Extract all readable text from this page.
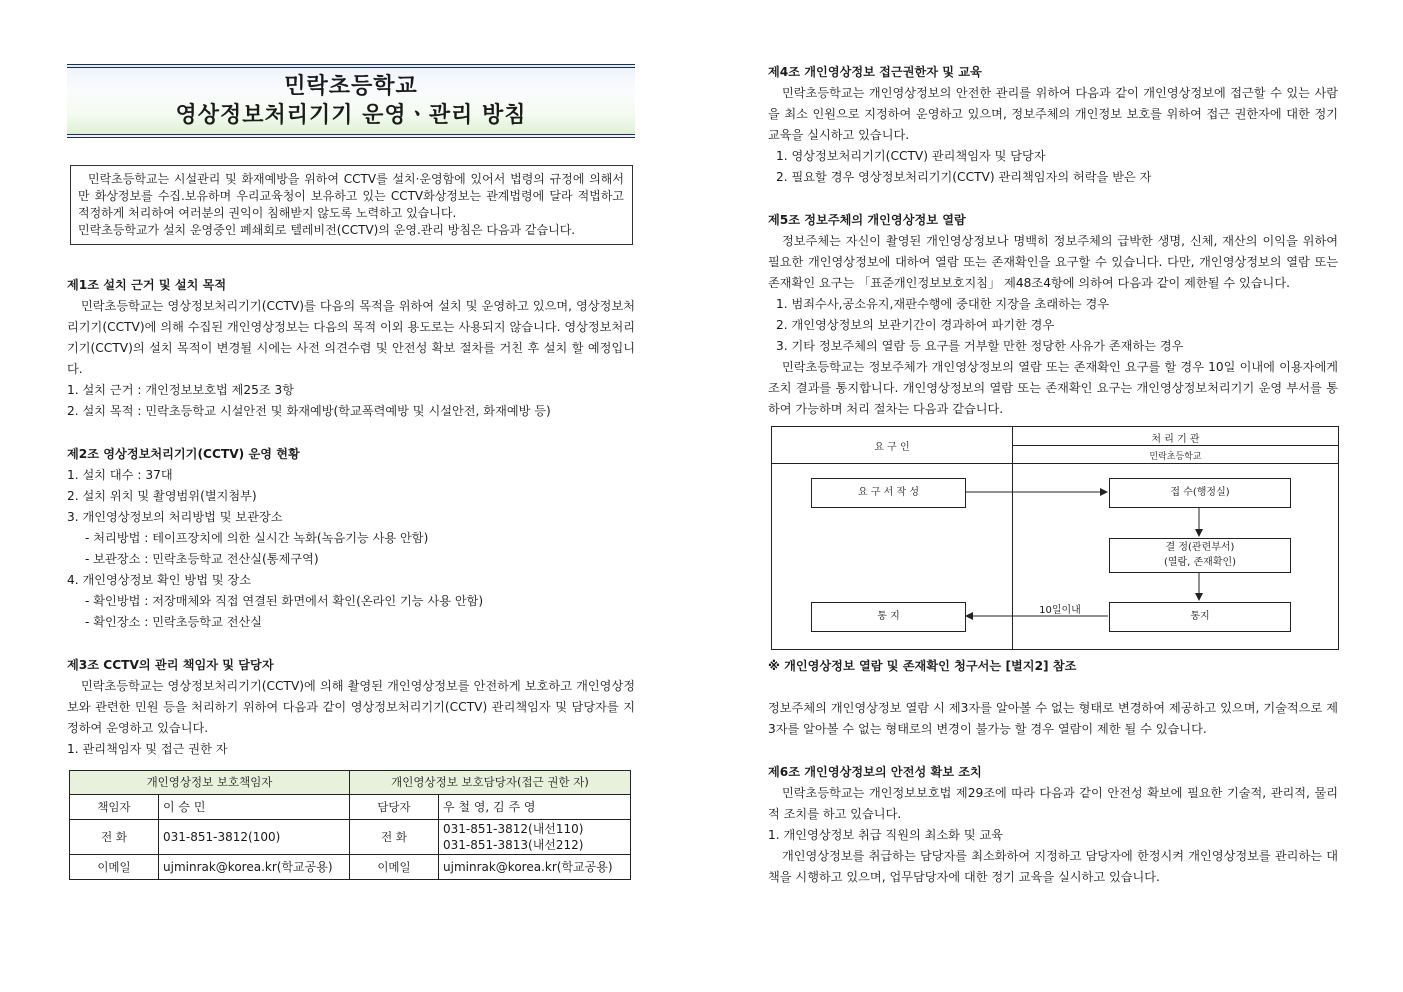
민락초등학교
영상정보처리기기 운영ㆍ관리 방침

민락초등학교는 시설관리 및 화재예방을 위하여 CCTV를 설치·운영함에 있어서 법령의 규정에 의해서만 화상정보를 수집.보유하며 우리교육청이 보유하고 있는 CCTV화상정보는 관계법령에 달라 적법하고 적정하게 처리하여 여러분의 권익이 침해받지 않도록 노력하고 있습니다.

민락초등학교가 설치 운영중인 폐쇄회로 텔레비전(CCTV)의 운영.관리 방침은 다음과 같습니다.

제1조 설치 근거 및 설치 목적

민락초등학교는 영상정보처리기기(CCTV)를 다음의 목적을 위하여 설치 및 운영하고 있으며, 영상정보처리기기(CCTV)에 의해 수집된 개인영상정보는 다음의 목적 이외 용도로는 사용되지 않습니다. 영상정보처리기기(CCTV)의 설치 목적이 변경될 시에는 사전 의견수렴 및 안전성 확보 절차를 거친 후 설치 할 예정입니다.

1. 설치 근거 : 개인정보보호법 제25조 3항

2. 설치 목적 : 민락초등학교 시설안전 및 화재예방(학교폭력예방 및 시설안전, 화재예방 등)

제2조 영상정보처리기기(CCTV) 운영 현황

1. 설치 대수 : 37대

2. 설치 위치 및 촬영범위(별지첨부)

3. 개인영상정보의 처리방법 및 보관장소

- 처리방법 : 테이프장치에 의한 실시간 녹화(녹음기능 사용 안함)

- 보관장소 : 민락초등학교 전산실(통제구역)

4. 개인영상정보 확인 방법 및 장소

- 확인방법 : 저장매체와 직접 연결된 화면에서 확인(온라인 기능 사용 안함)

- 확인장소 : 민락초등학교 전산실

제3조 CCTV의 관리 책임자 및 담당자

민락초등학교는 영상정보처리기기(CCTV)에 의해 촬영된 개인영상정보를 안전하게 보호하고 개인영상정보와 관련한 민원 등을 처리하기 위하여 다음과 같이 영상정보처리기기(CCTV) 관리책임자 및 담당자를 지정하여 운영하고 있습니다.

1. 관리책임자 및 접근 권한 자

개인영상정보 보호책임자		개인영상정보 보호담당자(접근 권한 자)	
책임자	이 승 민	담당자	우 철 영, 김 주 영
전 화	031-851-3812(100)	전 화	031-851-3812(내선110)
031-851-3813(내선212)

이메일	ujminrak@korea.kr(학교공용)	이메일	ujminrak@korea.kr(학교공용)

제4조 개인영상정보 접근권한자 및 교육

민락초등학교는 개인영상정보의 안전한 관리를 위하여 다음과 같이 개인영상정보에 접근할 수 있는 사람을 최소 인원으로 지정하여 운영하고 있으며, 정보주체의 개인정보 보호를 위하여 접근 권한자에 대한 정기교육을 실시하고 있습니다.

1. 영상정보처리기기(CCTV) 관리책임자 및 담당자

2. 필요할 경우 영상정보처리기기(CCTV) 관리책임자의 허락을 받은 자

제5조 정보주체의 개인영상정보 열람

정보주체는 자신이 촬영된 개인영상정보나 명백히 정보주체의 급박한 생명, 신체, 재산의 이익을 위하여 필요한 개인영상정보에 대하여 열람 또는 존재확인을 요구할 수 있습니다. 다만, 개인영상정보의 열람 또는 존재확인 요구는 「표준개인정보보호지침」 제48조4항에 의하여 다음과 같이 제한될 수 있습니다.

1. 범죄수사,공소유지,재판수행에 중대한 지장을 초래하는 경우

2. 개인영상정보의 보관기간이 경과하여 파기한 경우

3. 기타 정보주체의 열람 등 요구를 거부할 만한 정당한 사유가 존재하는 경우

민락초등학교는 정보주체가 개인영상정보의 열람 또는 존재확인 요구를 할 경우 10일 이내에 이용자에게 조치 결과를 통지합니다. 개인영상정보의 열람 또는 존재확인 요구는 개인영상정보처리기기 운영 부서를 통하여 가능하며 처리 절차는 다음과 같습니다.

요 구 인
처 리 기 관
민락초등학교
요 구 서 작 성	접 수(행정실)
결 정(관련부서)
(열람, 존재확인)
통 지	통지
10일이내

※ 개인영상정보 열람 및 존재확인 청구서는 [별지2] 참조

정보주체의 개인영상정보 열람 시 제3자를 알아볼 수 없는 형태로 변경하여 제공하고 있으며, 기술적으로 제3자를 알아볼 수 없는 형태로의 변경이 불가능 할 경우 열람이 제한 될 수 있습니다.

제6조 개인영상정보의 안전성 확보 조치

민락초등학교는 개인정보보호법 제29조에 따라 다음과 같이 안전성 확보에 필요한 기술적, 관리적, 물리적 조치를 하고 있습니다.

1. 개인영상정보 취급 직원의 최소화 및 교육

개인영상정보를 취급하는 담당자를 최소화하여 지정하고 담당자에 한정시켜 개인영상정보를 관리하는 대책을 시행하고 있으며, 업무담당자에 대한 정기 교육을 실시하고 있습니다.
